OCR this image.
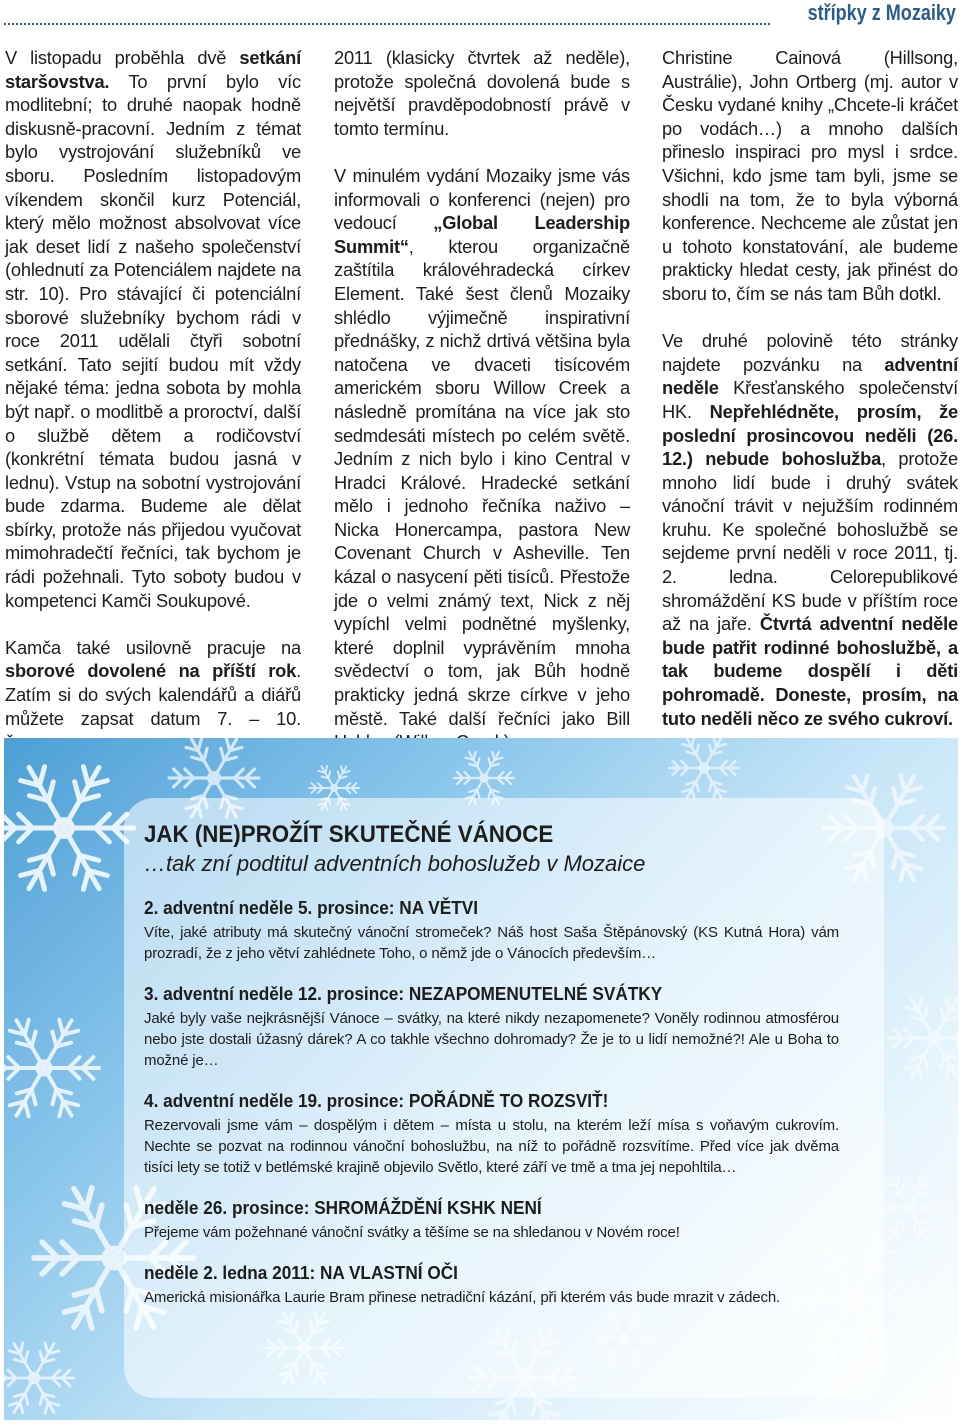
střípky z Mozaiky

V listopadu proběhla dvě setkání staršovstva. To první bylo víc modlitební; to druhé naopak hodně diskusně-pracovní. Jedním z témat bylo vystrojování služebníků ve sboru. Posledním listopadovým víkendem skončil kurz Potenciál, který mělo možnost absolvovat více jak deset lidí z našeho společenství (ohlednutí za Potenciálem najdete na str. 10). Pro stávající či potenciální sborové služebníky bychom rádi v roce 2011 udělali čtyři sobotní setkání. Tato sejití budou mít vždy nějaké téma: jedna sobota by mohla být např. o modlitbě a proroctví, další o službě dětem a rodičovství (konkrétní témata budou jasná v lednu). Vstup na sobotní vystrojování bude zdarma. Budeme ale dělat sbírky, protože nás přijedou vyučovat mimohradečtí řečníci, tak bychom je rádi požehnali. Tyto soboty budou v kompetenci Kamči Soukupové.

Kamča také usilovně pracuje na sborové dovolené na příští rok. Zatím si do svých kalendářů a diářů můžete zapsat datum 7. – 10.

2011 (klasicky čtvrtek až neděle), protože společná dovolená bude s největší pravděpodobností právě v tomto termínu.

V minulém vydání Mozaiky jsme vás informovali o konferenci (nejen) pro vedoucí „Global Leadership Summit“, kterou organizačně zaštítila královéhradecká církev Element. Také šest členů Mozaiky shlédlo výjimečně inspirativní přednášky, z nichž drtivá většina byla natočena ve dvaceti tisícovém americkém sboru Willow Creek a následně promítána na více jak sto sedmdesáti místech po celém světě. Jedním z nich bylo i kino Central v Hradci Králové. Hradecké setkání mělo i jednoho řečníka naživo – Nicka Honercampa, pastora New Covenant Church v Asheville. Ten kázal o nasycení pěti tisíců. Přestože jde o velmi známý text, Nick z něj vypíchl velmi podnětné myšlenky, které doplnil vyprávěním mnoha svědectví o tom, jak Bůh hodně prakticky jedná skrze církve v jeho městě. Také další řečníci jako Bill

Christine Cainová (Hillsong, Austrálie), John Ortberg (mj. autor v Česku vydané knihy „Chcete-li kráčet po vodách…) a mnoho dalších přineslo inspiraci pro mysl i srdce. Všichni, kdo jsme tam byli, jsme se shodli na tom, že to byla výborná konference. Nechceme ale zůstat jen u tohoto konstatování, ale budeme prakticky hledat cesty, jak přinést do sboru to, čím se nás tam Bůh dotkl.

Ve druhé polovině této stránky najdete pozvánku na adventní neděle Křesťanského společenství HK. Nepřehlédněte, prosím, že poslední prosincovou neděli (26. 12.) nebude bohoslužba, protože mnoho lidí bude i druhý svátek vánoční trávit v nejužším rodinném kruhu. Ke společné bohoslužbě se sejdeme první neděli v roce 2011, tj. 2. ledna. Celorepublikové shromáždění KS bude v příštím roce až na jaře. Čtvrtá adventní neděle bude patřit rodinné bohoslužbě, a tak budeme dospělí i děti pohromadě. Doneste, prosím, na tuto neděli něco ze svého cukroví.

JAK (NE)PROŽÍT SKUTEČNÉ VÁNOCE

…tak zní podtitul adventních bohoslužeb v Mozaice

2. adventní neděle 5. prosince: NA VĚTVI

Víte, jaké atributy má skutečný vánoční stromeček? Náš host Saša Štěpánovský (KS Kutná Hora) vám prozradí, že z jeho větví zahlédnete Toho, o němž jde o Vánocích především…

3. adventní neděle 12. prosince: NEZAPOMENUTELNÉ SVÁTKY

Jaké byly vaše nejkrásnější Vánoce – svátky, na které nikdy nezapomenete? Voněly rodinnou atmosférou nebo jste dostali úžasný dárek? A co takhle všechno dohromady? Že je to u lidí nemožné?! Ale u Boha to možné je…

4. adventní neděle 19. prosince: POŘÁDNĚ TO ROZSVIŤ!

Rezervovali jsme vám – dospělým i dětem – místa u stolu, na kterém leží mísa s voňavým cukrovím. Nechte se pozvat na rodinnou vánoční bohoslužbu, na níž to pořádně rozsvítíme. Před více jak dvěma tisíci lety se totiž v betlémské krajině objevilo Světlo, které září ve tmě a tma jej nepohltila…

neděle 26. prosince: SHROMÁŽDĚNÍ KSHK NENÍ

Přejeme vám požehnané vánoční svátky a těšíme se na shledanou v Novém roce!

neděle 2. ledna 2011: NA VLASTNÍ OČI

Americká misionářka Laurie Bram přinese netradiční kázání, při kterém vás bude mrazit v zádech.
